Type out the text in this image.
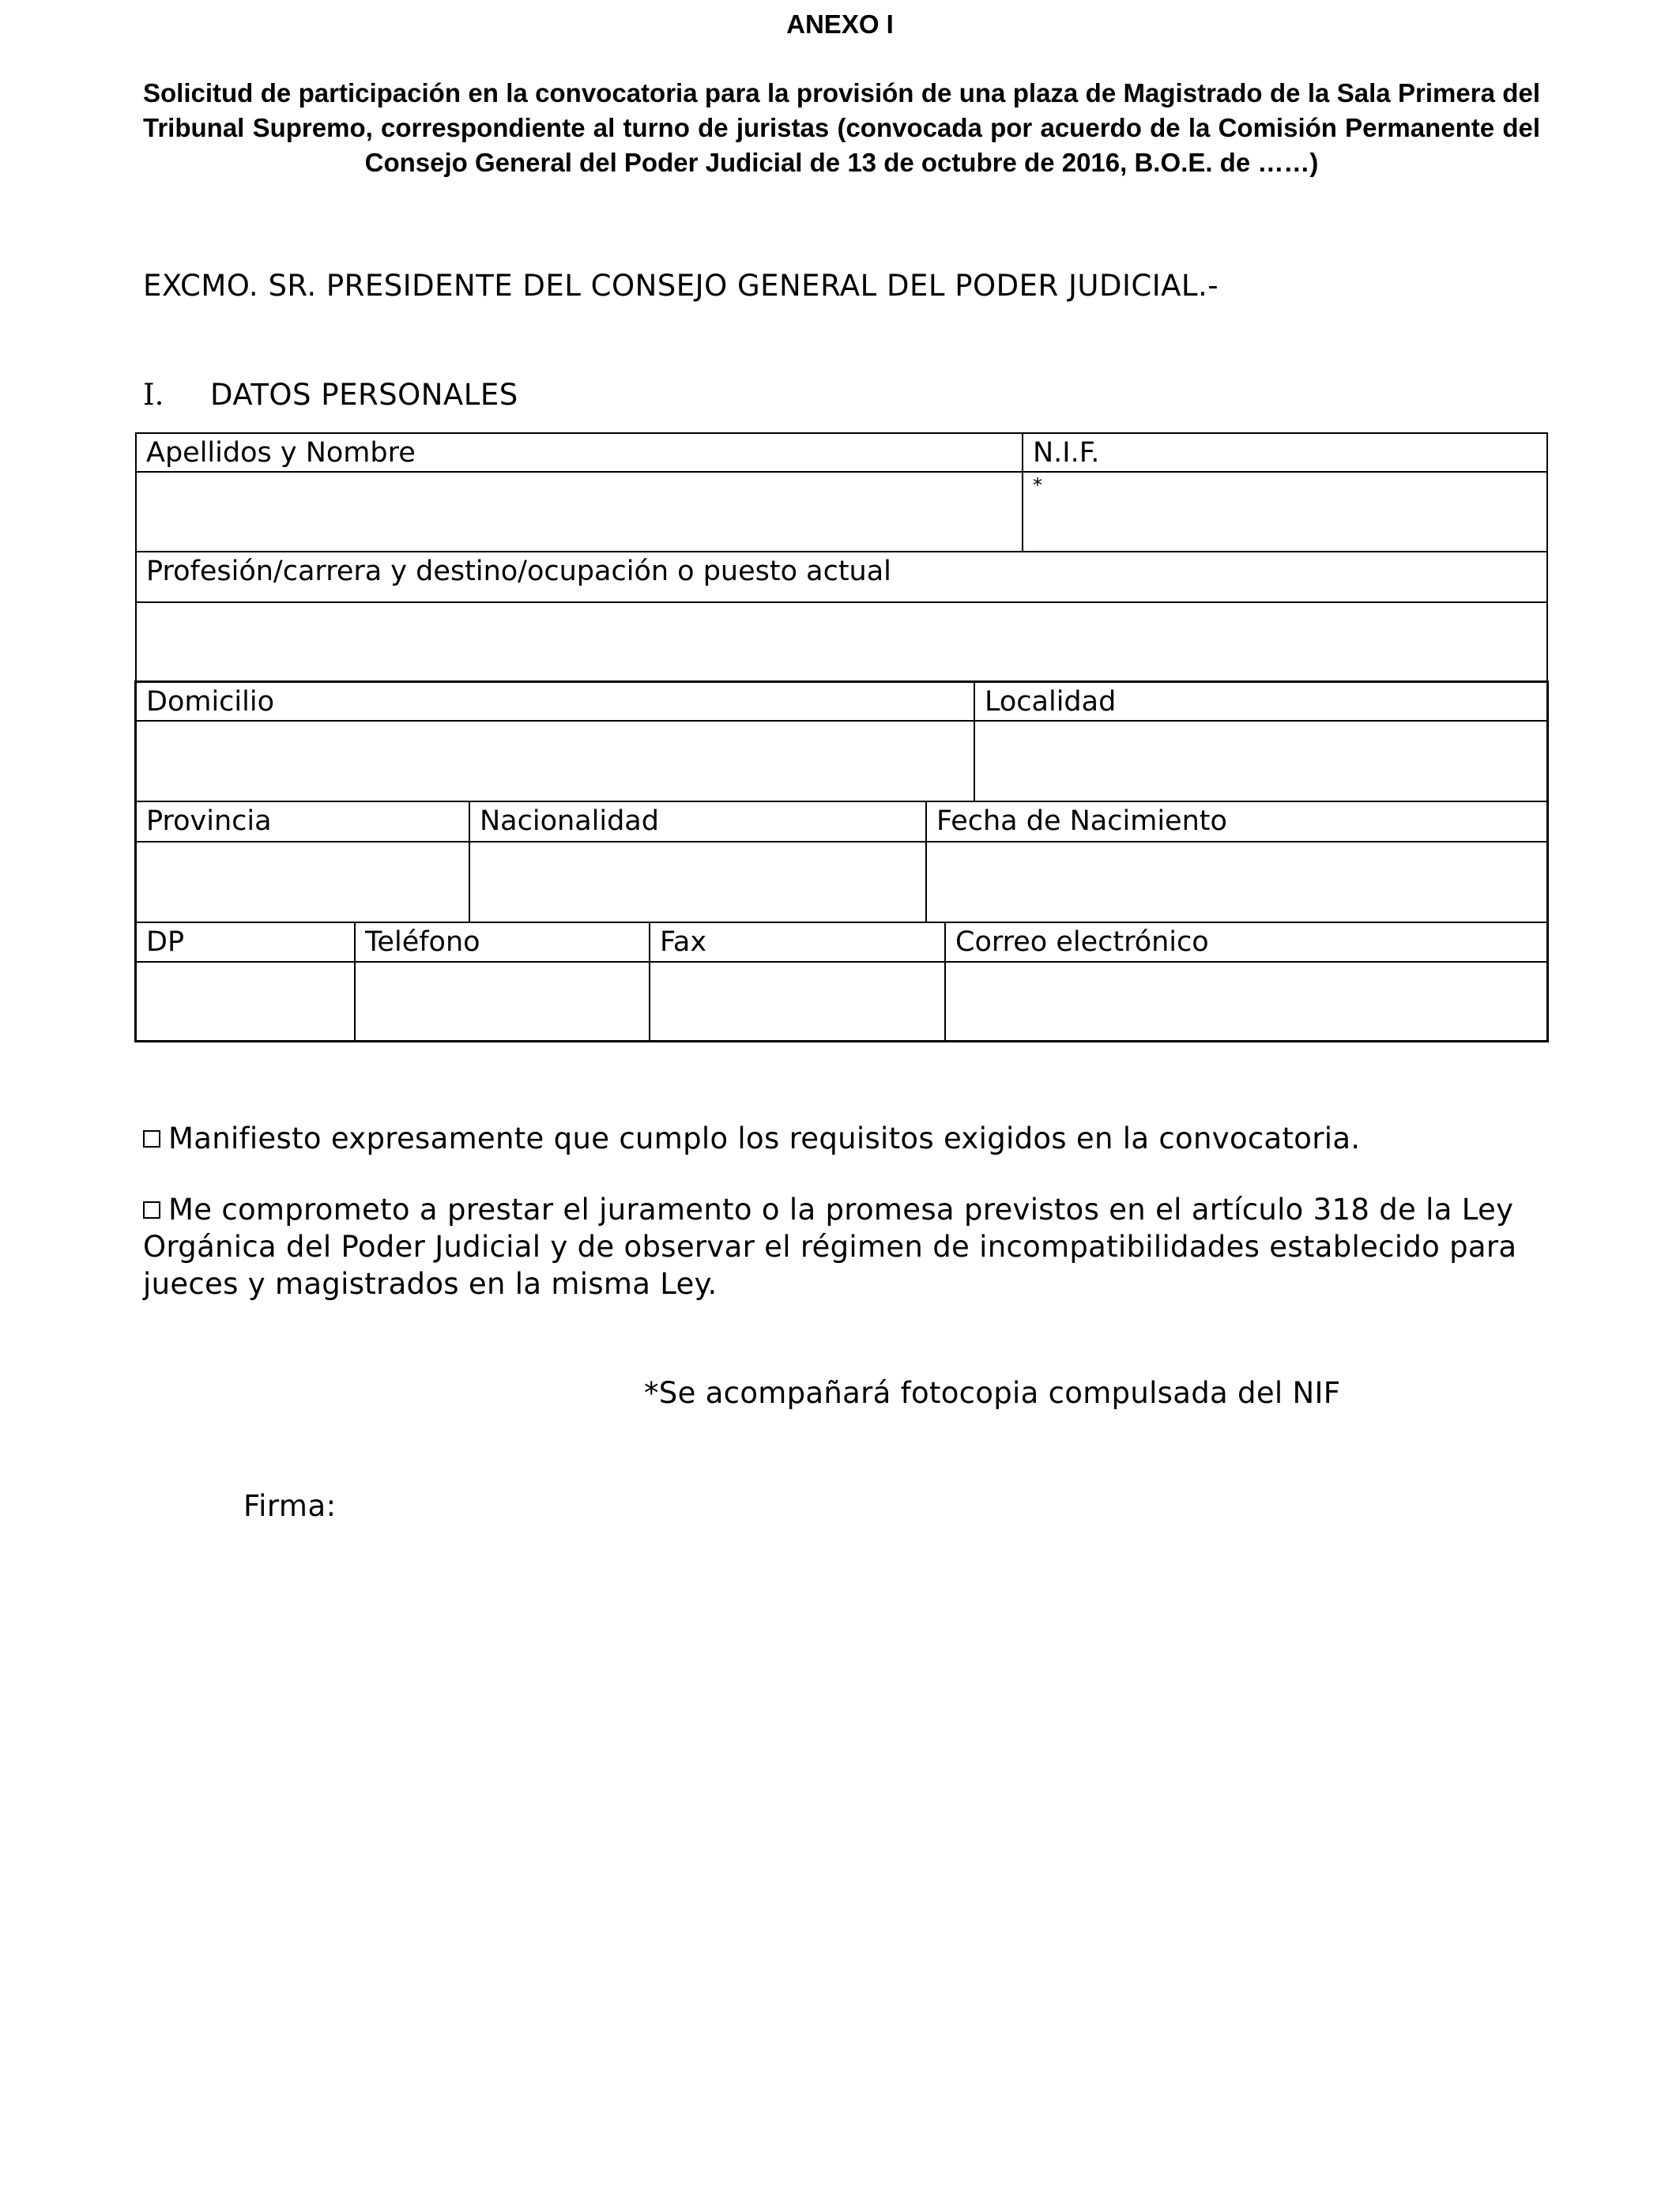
ANEXO I
Solicitud de participación en la convocatoria para la provisión de una plaza de Magistrado de la Sala Primera del Tribunal Supremo, correspondiente al turno de juristas (convocada por acuerdo de la Comisión Permanente del Consejo General del Poder Judicial de 13 de octubre de 2016, B.O.E. de ……)
EXCMO. SR. PRESIDENTE DEL CONSEJO GENERAL DEL PODER JUDICIAL.-
I. DATOS PERSONALES
Apellidos y Nombre	N.I.F.
*
Profesión/carrera y destino/ocupación o puesto actual
Domicilio	Localidad
Provincia	Nacionalidad	Fecha de Nacimiento
DP	Teléfono	Fax	Correo electrónico
Manifiesto expresamente que cumplo los requisitos exigidos en la convocatoria.
Me comprometo a prestar el juramento o la promesa previstos en el artículo 318 de la Ley Orgánica del Poder Judicial y de observar el régimen de incompatibilidades establecido para jueces y magistrados en la misma Ley.
*Se acompañará fotocopia compulsada del NIF
Firma:
